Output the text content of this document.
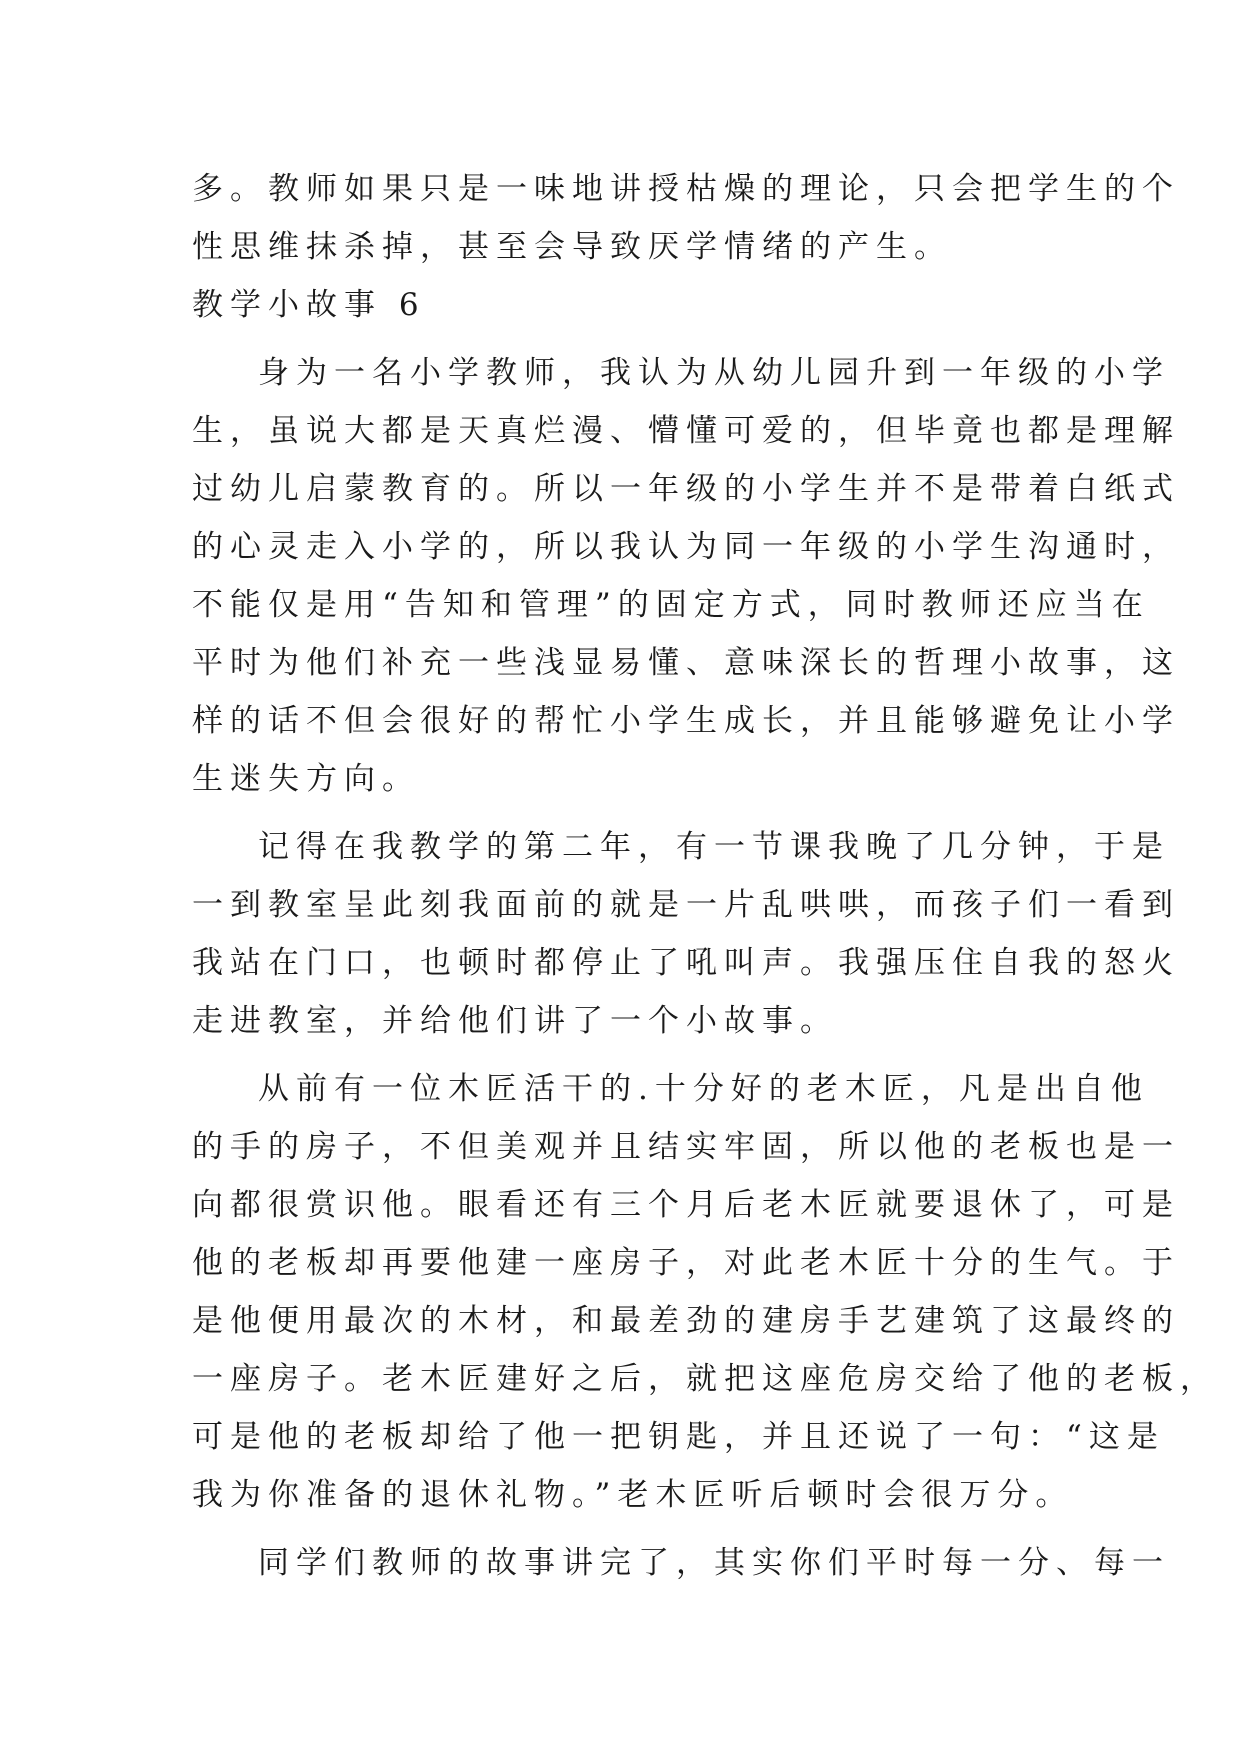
多。教师如果只是一味地讲授枯燥的理论，只会把学生的个
性思维抹杀掉，甚至会导致厌学情绪的产生。
教学小故事 6
身为一名小学教师，我认为从幼儿园升到一年级的小学
生，虽说大都是天真烂漫、懵懂可爱的，但毕竟也都是理解
过幼儿启蒙教育的。所以一年级的小学生并不是带着白纸式
的心灵走入小学的，所以我认为同一年级的小学生沟通时，
不能仅是用“告知和管理”的固定方式，同时教师还应当在
平时为他们补充一些浅显易懂、意味深长的哲理小故事，这
样的话不但会很好的帮忙小学生成长，并且能够避免让小学
生迷失方向。
记得在我教学的第二年，有一节课我晚了几分钟，于是
一到教室呈此刻我面前的就是一片乱哄哄，而孩子们一看到
我站在门口，也顿时都停止了吼叫声。我强压住自我的怒火
走进教室，并给他们讲了一个小故事。
从前有一位木匠活干的.十分好的老木匠，凡是出自他
的手的房子，不但美观并且结实牢固，所以他的老板也是一
向都很赏识他。眼看还有三个月后老木匠就要退休了，可是
他的老板却再要他建一座房子，对此老木匠十分的生气。于
是他便用最次的木材，和最差劲的建房手艺建筑了这最终的
一座房子。老木匠建好之后，就把这座危房交给了他的老板，
可是他的老板却给了他一把钥匙，并且还说了一句：“这是
我为你准备的退休礼物。”老木匠听后顿时会很万分。
同学们教师的故事讲完了，其实你们平时每一分、每一
